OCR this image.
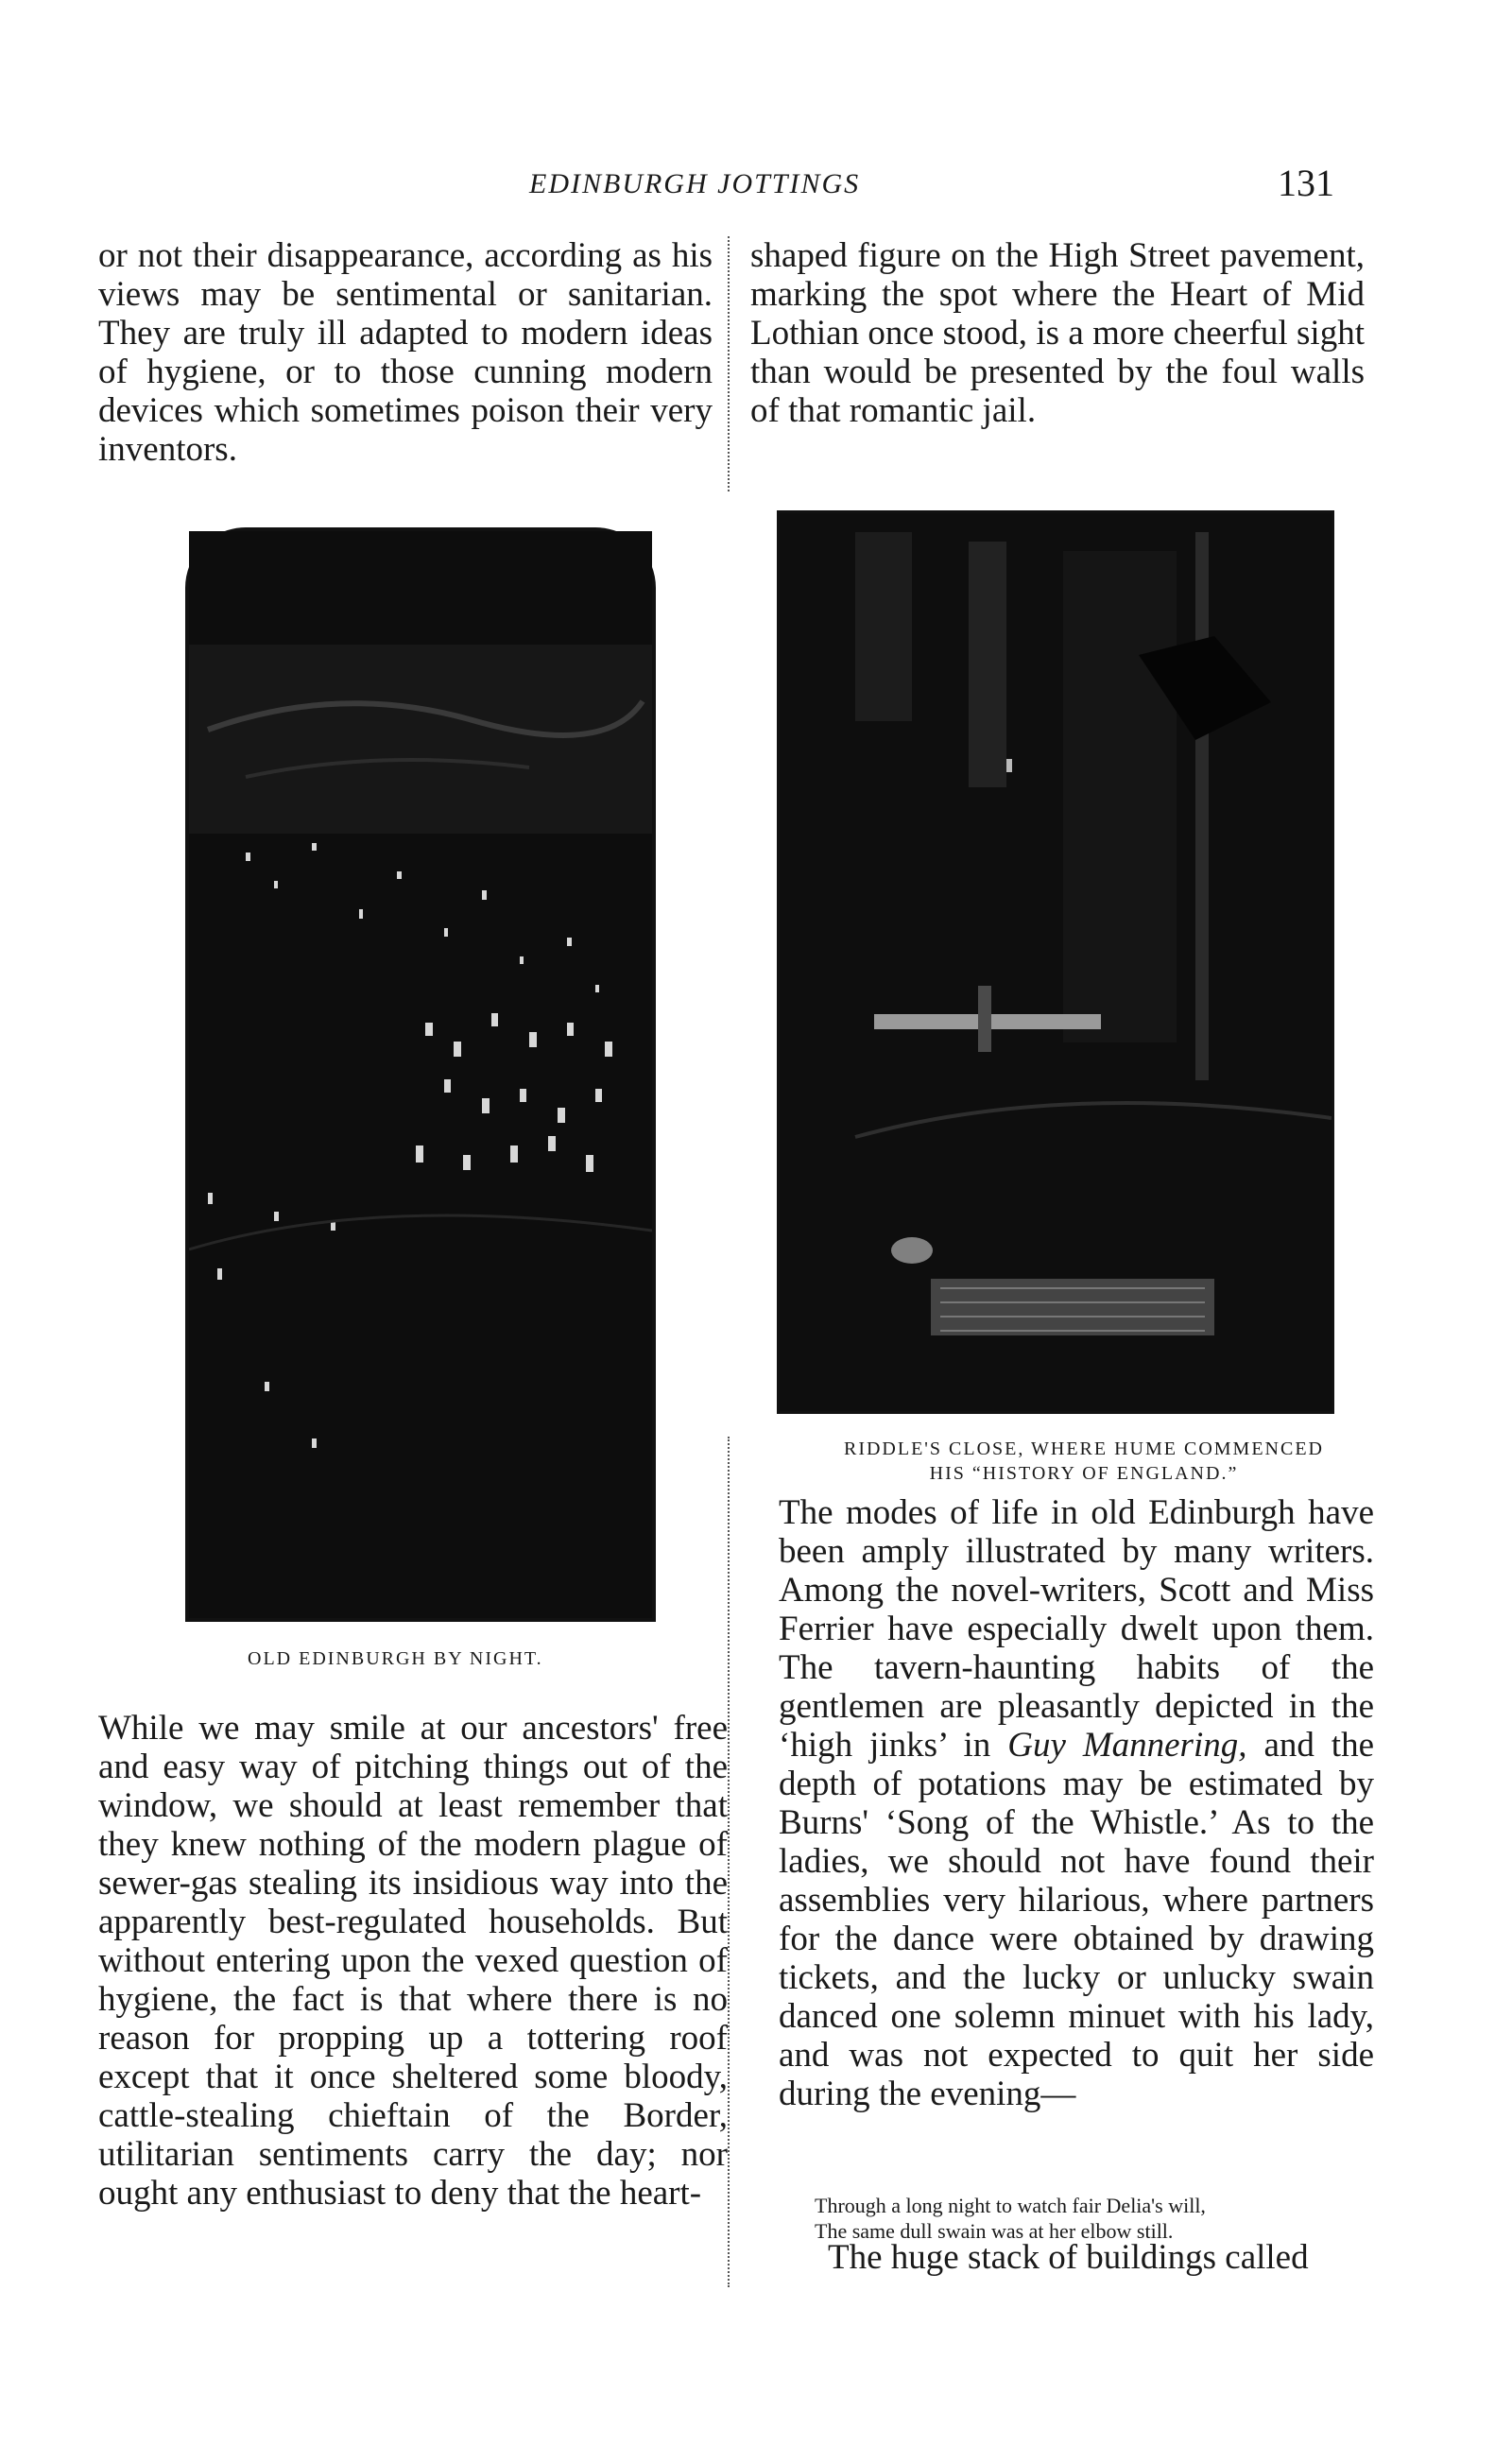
EDINBURGH JOTTINGS	131

or not their disappearance, according as his views may be sentimental or sanitarian. They are truly ill adapted to modern ideas of hygiene, or to those cunning modern devices which sometimes poison their very inventors.

OLD EDINBURGH BY NIGHT.

While we may smile at our ancestors' free and easy way of pitching things out of the window, we should at least remember that they knew nothing of the modern plague of sewer-gas stealing its insidious way into the apparently best-regulated households. But without entering upon the vexed question of hygiene, the fact is that where there is no reason for propping up a tottering roof except that it once sheltered some bloody, cattle-stealing chieftain of the Border, utilitarian sentiments carry the day; nor ought any enthusiast to deny that the heart-

shaped figure on the High Street pavement, marking the spot where the Heart of Mid Lothian once stood, is a more cheerful sight than would be presented by the foul walls of that romantic jail.

RIDDLE'S CLOSE, WHERE HUME COMMENCED
HIS “HISTORY OF ENGLAND.”

The modes of life in old Edinburgh have been amply illustrated by many writers. Among the novel-writers, Scott and Miss Ferrier have especially dwelt upon them. The tavern-haunting habits of the gentlemen are pleasantly depicted in the ‘high jinks’ in Guy Mannering, and the depth of potations may be estimated by Burns' ‘Song of the Whistle.’ As to the ladies, we should not have found their assemblies very hilarious, where partners for the dance were obtained by drawing tickets, and the lucky or unlucky swain danced one solemn minuet with his lady, and was not expected to quit her side during the evening—

Through a long night to watch fair Delia's will,

The same dull swain was at her elbow still.

The huge stack of buildings called
